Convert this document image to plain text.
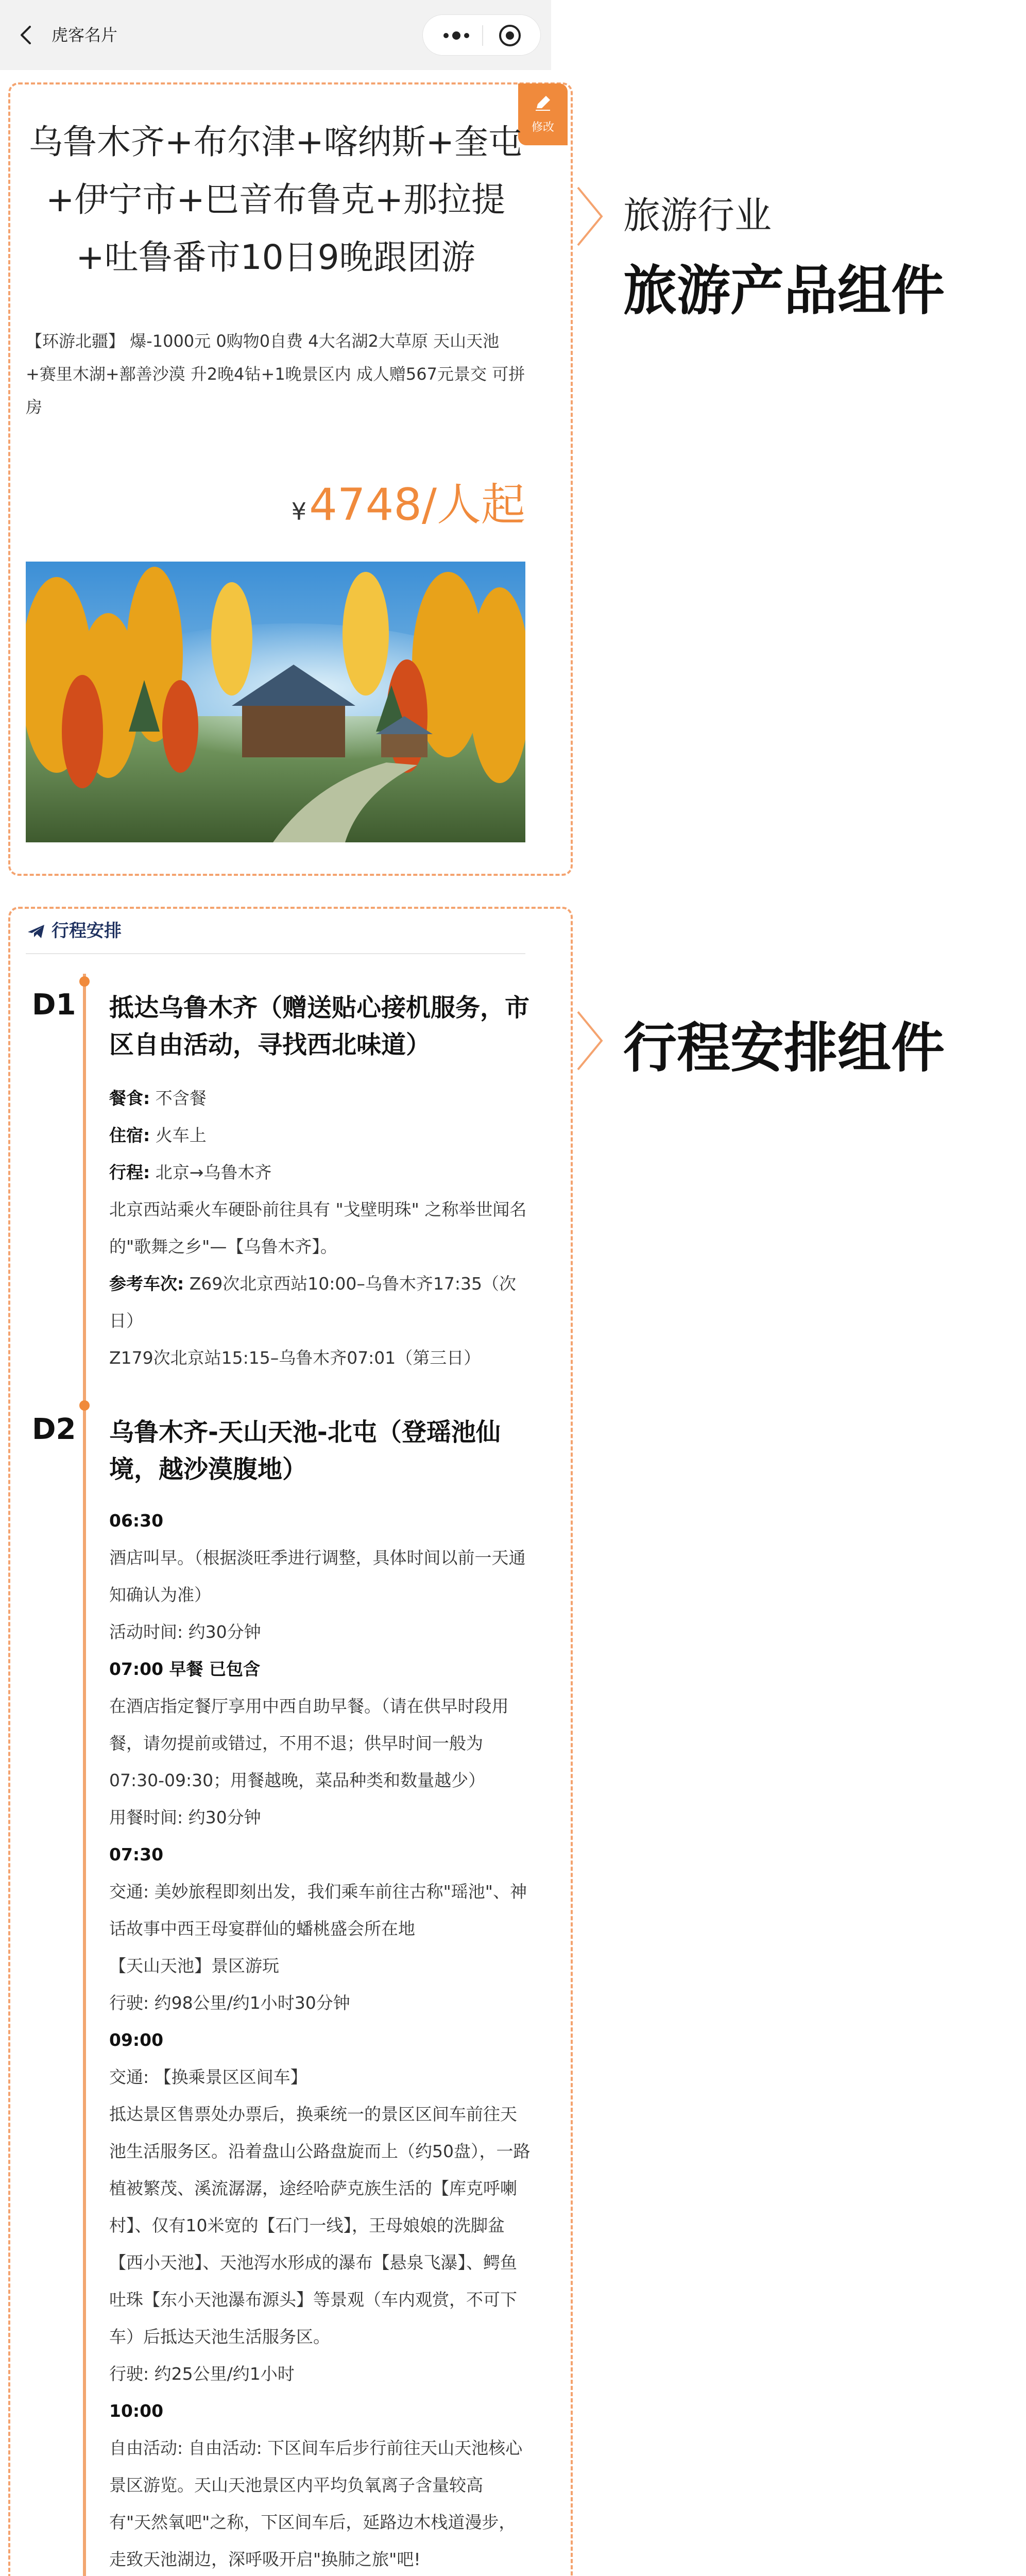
虎客名片
修改
乌鲁木齐+布尔津+喀纳斯+奎屯+伊宁市+巴音布鲁克+那拉提+吐鲁番市10日9晚跟团游
【环游北疆】 爆-1000元 0购物0自费 4大名湖2大草原 天山天池+赛里木湖+鄯善沙漠 升2晚4钻+1晚景区内 成人赠567元景交 可拼房
¥ 4748/人起
行程安排
D1 抵达乌鲁木齐（赠送贴心接机服务，市区自由活动，寻找西北味道）

餐食: 不含餐

住宿: 火车上

行程: 北京→乌鲁木齐

北京西站乘火车硬卧前往具有 "戈壁明珠" 之称举世闻名的"歌舞之乡"—【乌鲁木齐】。

参考车次: Z69次北京西站10:00–乌鲁木齐17:35（次日）

Z179次北京站15:15–乌鲁木齐07:01（第三日）

D2 乌鲁木齐-天山天池-北屯（登瑶池仙境，越沙漠腹地）

06:30

酒店叫早。（根据淡旺季进行调整，具体时间以前一天通知确认为准）

活动时间: 约30分钟

07:00 早餐 已包含

在酒店指定餐厅享用中西自助早餐。（请在供早时段用餐，请勿提前或错过，不用不退；供早时间一般为07:30-09:30；用餐越晚，菜品种类和数量越少）

用餐时间: 约30分钟

07:30

交通: 美妙旅程即刻出发，我们乘车前往古称"瑶池"、神话故事中西王母宴群仙的蟠桃盛会所在地

【天山天池】景区游玩

行驶: 约98公里/约1小时30分钟

09:00

交通: 【换乘景区区间车】

抵达景区售票处办票后，换乘统一的景区区间车前往天池生活服务区。沿着盘山公路盘旋而上（约50盘），一路植被繁茂、溪流潺潺，途经哈萨克族生活的【库克呼喇村】、仅有10米宽的【石门一线】，王母娘娘的洗脚盆【西小天池】、天池泻水形成的瀑布【悬泉飞瀑】、鳄鱼吐珠【东小天池瀑布源头】等景观（车内观赏，不可下车）后抵达天池生活服务区。

行驶: 约25公里/约1小时

10:00

自由活动: 自由活动: 下区间车后步行前往天山天池核心景区游览。天山天池景区内平均负氧离子含量较高

有"天然氧吧"之称，下区间车后，延路边木栈道漫步，走致天池湖边，深呼吸开启"换肺之旅"吧!

旅游行业
旅游产品组件
行程安排组件
